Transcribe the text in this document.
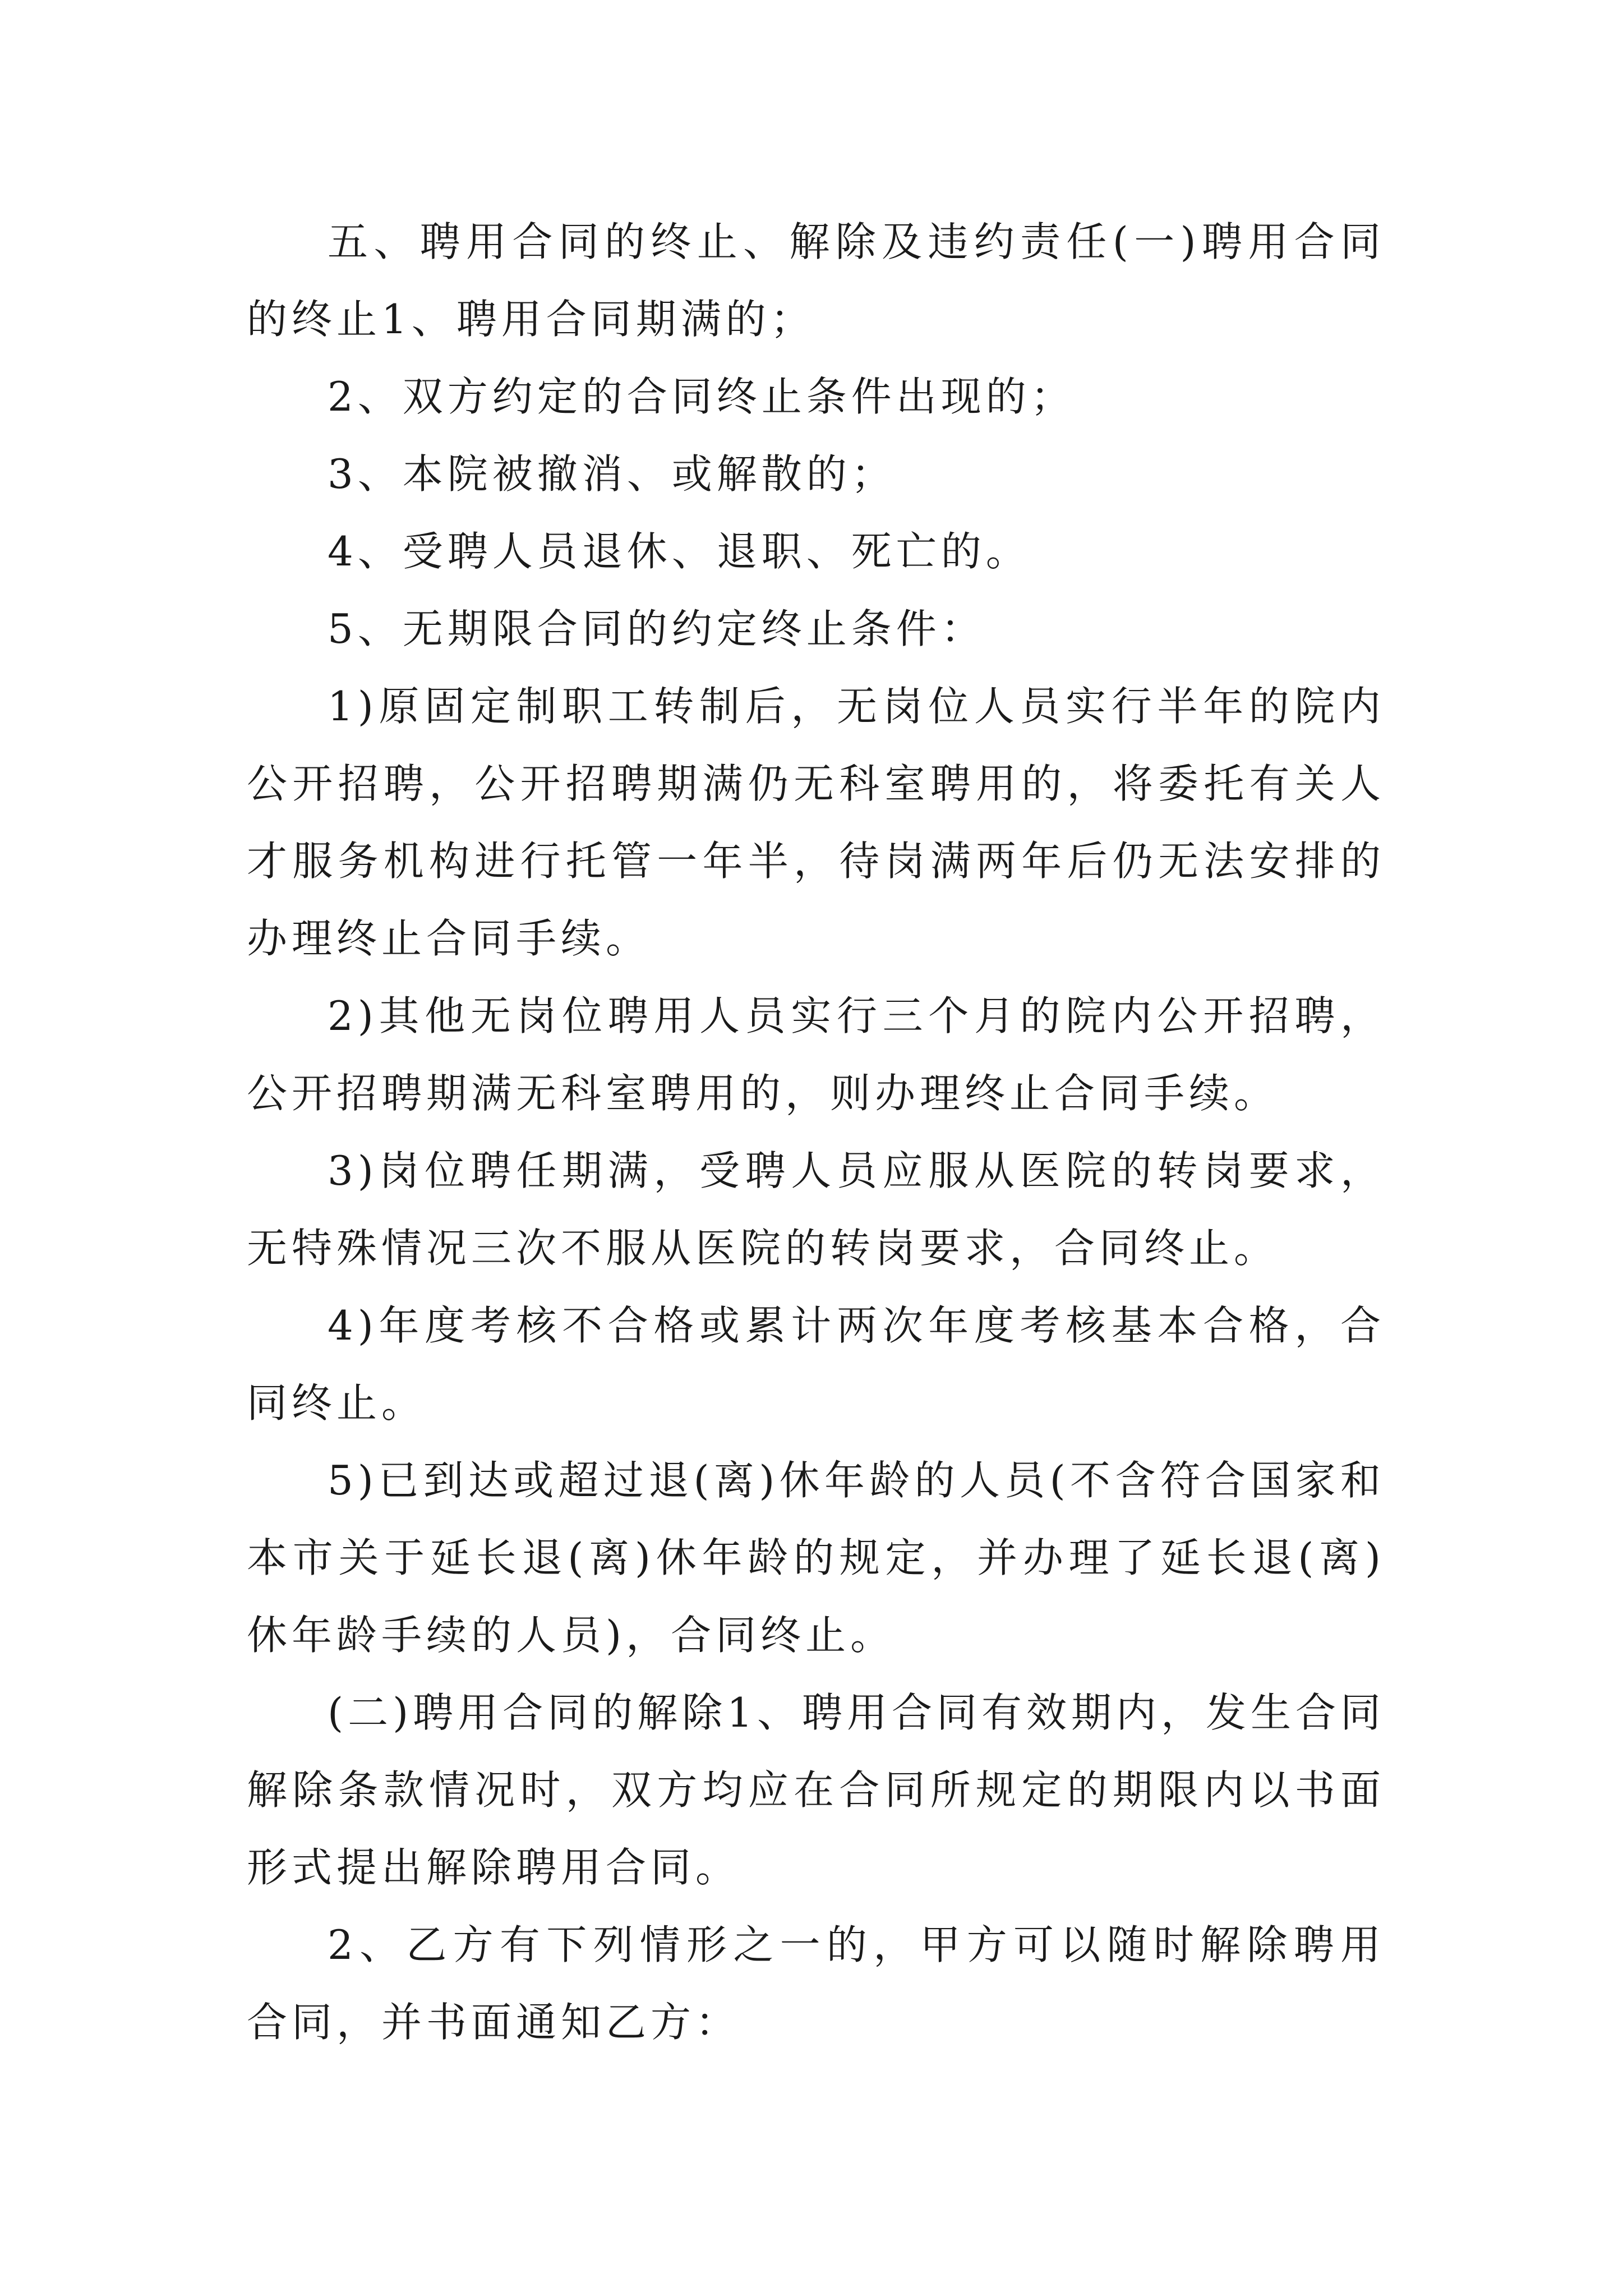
五、聘用合同的终止、解除及违约责任(一)聘用合同的终止1、聘用合同期满的；

2、双方约定的合同终止条件出现的；

3、本院被撤消、或解散的；

4、受聘人员退休、退职、死亡的。

5、无期限合同的约定终止条件：

1)原固定制职工转制后，无岗位人员实行半年的院内公开招聘，公开招聘期满仍无科室聘用的，将委托有关人才服务机构进行托管一年半，待岗满两年后仍无法安排的办理终止合同手续。

2)其他无岗位聘用人员实行三个月的院内公开招聘，公开招聘期满无科室聘用的，则办理终止合同手续。

3)岗位聘任期满，受聘人员应服从医院的转岗要求，无特殊情况三次不服从医院的转岗要求，合同终止。

4)年度考核不合格或累计两次年度考核基本合格，合同终止。

5)已到达或超过退(离)休年龄的人员(不含符合国家和本市关于延长退(离)休年龄的规定，并办理了延长退(离)休年龄手续的人员)，合同终止。

(二)聘用合同的解除1、聘用合同有效期内，发生合同解除条款情况时，双方均应在合同所规定的期限内以书面形式提出解除聘用合同。

2、乙方有下列情形之一的，甲方可以随时解除聘用合同，并书面通知乙方：
